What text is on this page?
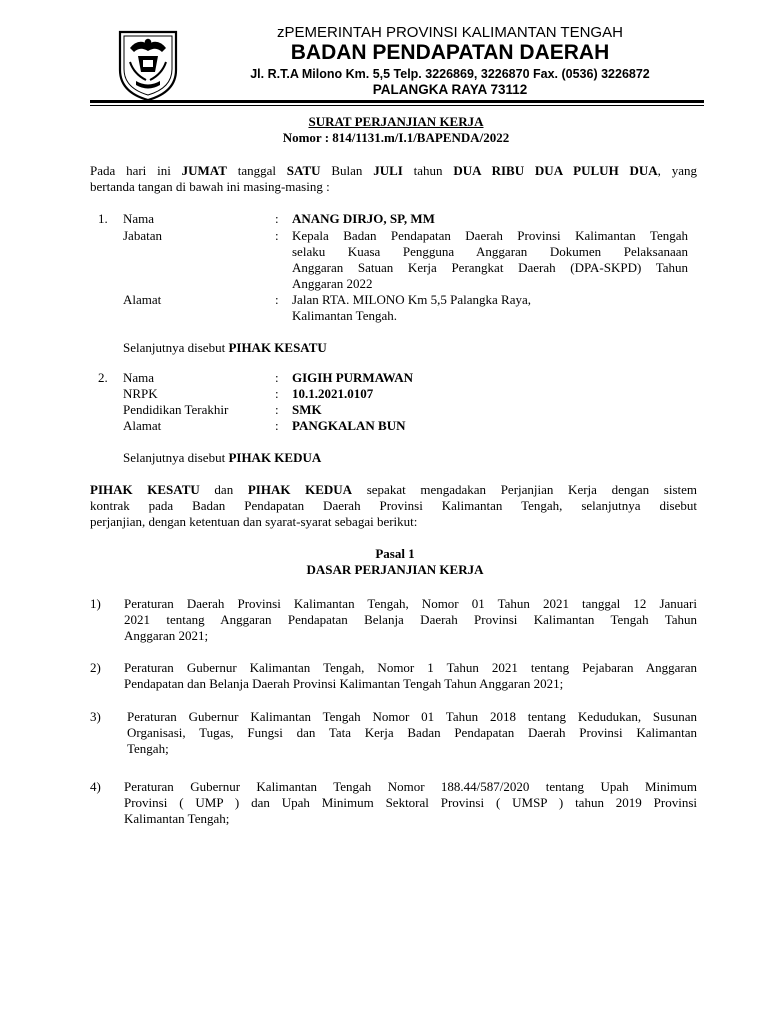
zPEMERINTAH PROVINSI KALIMANTAN TENGAH
BADAN PENDAPATAN DAERAH
Jl. R.T.A Milono Km. 5,5 Telp. 3226869, 3226870 Fax. (0536) 3226872
PALANGKA RAYA 73112
SURAT PERJANJIAN KERJA
Nomor : 814/1131.m/I.1/BAPENDA/2022
Pada hari ini JUMAT tanggal SATU Bulan JULI tahun DUA RIBU DUA PULUH DUA, yang
bertanda tangan di bawah ini masing-masing :
1. Nama	: ANANG DIRJO, SP, MM
Jabatan	: Kepala Badan Pendapatan Daerah Provinsi Kalimantan Tengah
selaku Kuasa Pengguna Anggaran Dokumen Pelaksanaan
Anggaran Satuan Kerja Perangkat Daerah (DPA-SKPD) Tahun
Anggaran 2022
Alamat	: Jalan RTA. MILONO Km 5,5 Palangka Raya,
Kalimantan Tengah.
Selanjutnya disebut PIHAK KESATU
2. Nama	: GIGIH PURMAWAN
NRPK	: 10.1.2021.0107
Pendidikan Terakhir	: SMK
Alamat	: PANGKALAN BUN
Selanjutnya disebut PIHAK KEDUA
PIHAK KESATU dan PIHAK KEDUA sepakat mengadakan Perjanjian Kerja dengan sistem
kontrak pada Badan Pendapatan Daerah Provinsi Kalimantan Tengah, selanjutnya disebut
perjanjian, dengan ketentuan dan syarat-syarat sebagai berikut:
Pasal 1
DASAR PERJANJIAN KERJA
1) Peraturan Daerah Provinsi Kalimantan Tengah, Nomor 01 Tahun 2021 tanggal 12 Januari
2021 tentang Anggaran Pendapatan Belanja Daerah Provinsi Kalimantan Tengah Tahun
Anggaran 2021;
2) Peraturan Gubernur Kalimantan Tengah, Nomor 1 Tahun 2021 tentang Pejabaran Anggaran
Pendapatan dan Belanja Daerah Provinsi Kalimantan Tengah Tahun Anggaran 2021;
3) Peraturan Gubernur Kalimantan Tengah Nomor 01 Tahun 2018 tentang Kedudukan, Susunan
Organisasi, Tugas, Fungsi dan Tata Kerja Badan Pendapatan Daerah Provinsi Kalimantan
Tengah;
4) Peraturan Gubernur Kalimantan Tengah Nomor 188.44/587/2020 tentang Upah Minimum
Provinsi ( UMP ) dan Upah Minimum Sektoral Provinsi ( UMSP ) tahun 2019 Provinsi
Kalimantan Tengah;
